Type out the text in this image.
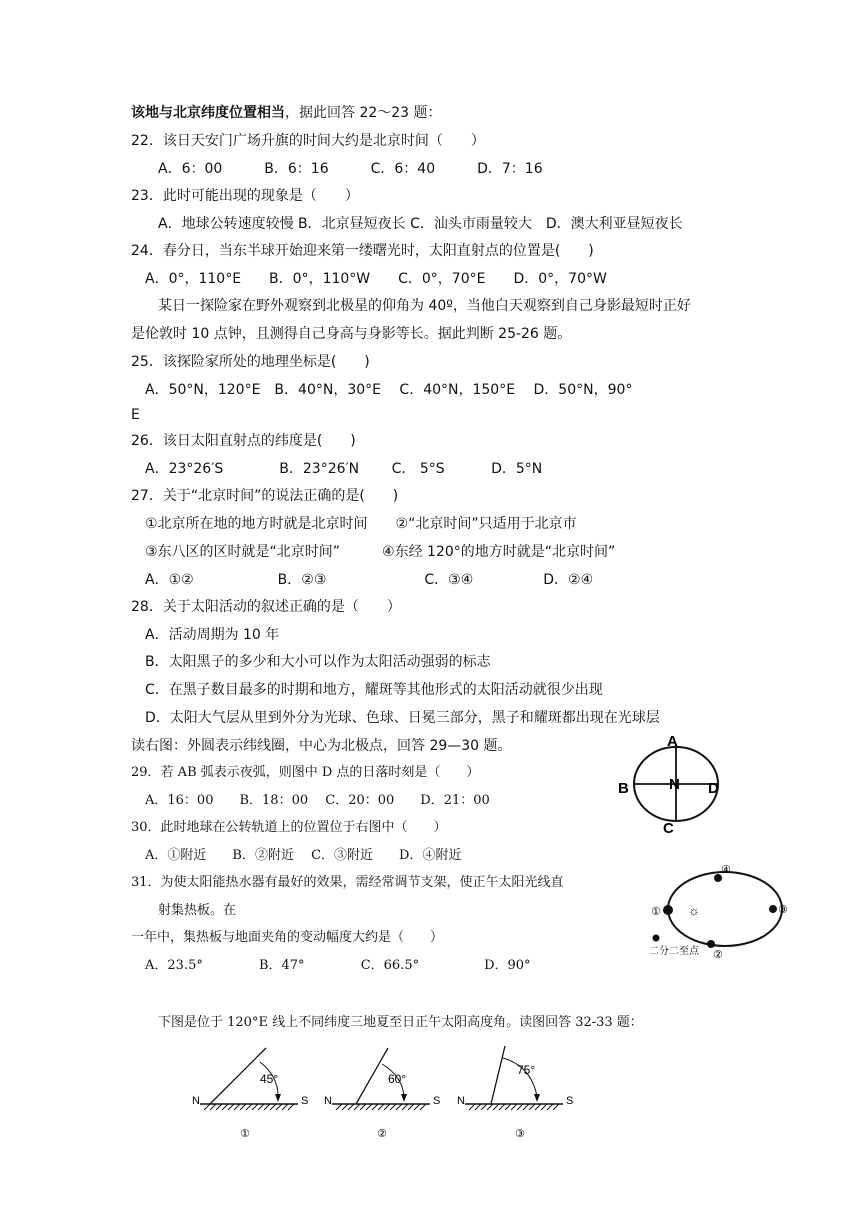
该地与北京纬度位置相当，据此回答 22～23 题：
22．该日天安门广场升旗的时间大约是北京时间（　　）
A．6：00　　　B．6：16　　　C．6：40　　　D．7：16
23．此时可能出现的现象是（　　）
A．地球公转速度较慢 B．北京昼短夜长 C．汕头市雨量较大　D．澳大利亚昼短夜长
24．春分日，当东半球开始迎来第一缕曙光时，太阳直射点的位置是(　　)
A．0°，110°E　　B．0°，110°W　　C．0°，70°E　　D．0°，70°W
某日一探险家在野外观察到北极星的仰角为 40º，当他白天观察到自己身影最短时正好
是伦敦时 10 点钟，且测得自己身高与身影等长。据此判断 25-26 题。
25．该探险家所处的地理坐标是(　　)
A．50°N，120°E　B．40°N，30°E　 C．40°N，150°E　 D．50°N，90°
E
26．该日太阳直射点的纬度是(　　)
A．23°26′S　　　　B．23°26′N　　 C． 5°S　　　 D．5°N
27．关于“北京时间”的说法正确的是(　　)
①北京所在地的地方时就是北京时间　　②“北京时间”只适用于北京市
③东八区的区时就是“北京时间”　　　④东经 120°的地方时就是“北京时间”
A．①②　　　　　　B．②③　　　　　　　C．③④　　　　　D．②④
28．关于太阳活动的叙述正确的是（　　）
A．活动周期为 10 年
B．太阳黑子的多少和大小可以作为太阳活动强弱的标志
C．在黑子数目最多的时期和地方，耀斑等其他形式的太阳活动就很少出现
D．太阳大气层从里到外分为光球、色球、日冕三部分，黑子和耀斑都出现在光球层
读右图：外圆表示纬线圈，中心为北极点，回答 29—30 题。
29．若 AB 弧表示夜弧，则图中 D 点的日落时刻是（　　）
A．16：00　　B．18：00　 C．20：00　　D．21：00
30．此时地球在公转轨道上的位置位于右图中（　　）
A．①附近　　B．②附近　 C．③附近　　D．④附近
31．为使太阳能热水器有最好的效果，需经常调节支架，使正午太阳光线直
射集热板。在
一年中，集热板与地面夹角的变动幅度大约是（　　）
A．23.5°　　　　 B．47°　　　　 C．66.5°　　　　　D．90°
下图是位于 120°E 线上不同纬度三地夏至日正午太阳高度角。读图回答 32-33 题：
A
B	N D
C
☼
①
④
③
②
二分二至点
45°
N	S
①
60°
N	S
②
75°
N	S
③
